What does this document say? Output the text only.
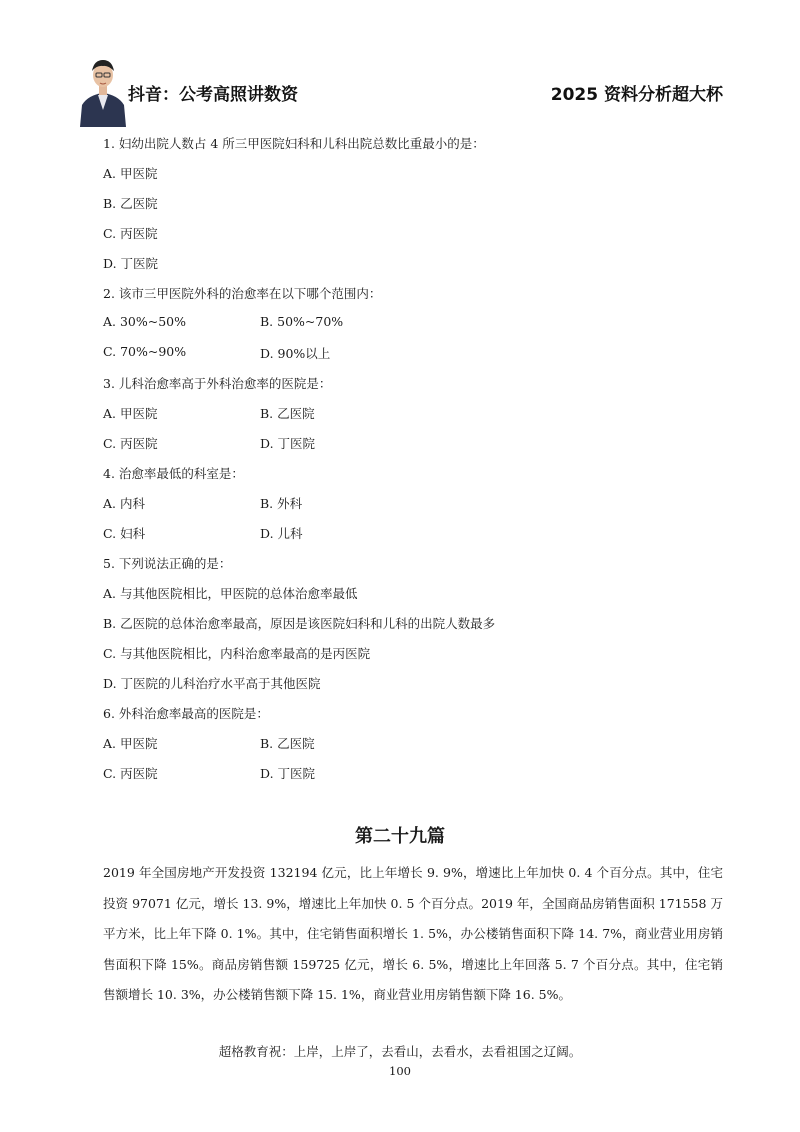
抖音：公考高照讲数资	2025 资料分析超大杯
1. 妇幼出院人数占 4 所三甲医院妇科和儿科出院总数比重最小的是：
A. 甲医院
B. 乙医院
C. 丙医院
D. 丁医院
2. 该市三甲医院外科的治愈率在以下哪个范围内：
A. 30%~50%	B. 50%~70%
C. 70%~90%	D. 90%以上
3. 儿科治愈率高于外科治愈率的医院是：
A. 甲医院	B. 乙医院
C. 丙医院	D. 丁医院
4. 治愈率最低的科室是：
A. 内科	B. 外科
C. 妇科	D. 儿科
5. 下列说法正确的是：
A. 与其他医院相比，甲医院的总体治愈率最低
B. 乙医院的总体治愈率最高，原因是该医院妇科和儿科的出院人数最多
C. 与其他医院相比，内科治愈率最高的是丙医院
D. 丁医院的儿科治疗水平高于其他医院
6. 外科治愈率最高的医院是：
A. 甲医院	B. 乙医院
C. 丙医院	D. 丁医院
第二十九篇

2019 年全国房地产开发投资 132194 亿元，比上年增长 9. 9%，增速比上年加快 0. 4 个百分点。其中，住宅投资 97071 亿元，增长 13. 9%，增速比上年加快 0. 5 个百分点。2019 年，全国商品房销售面积 171558 万平方米，比上年下降 0. 1%。其中，住宅销售面积增长 1. 5%，办公楼销售面积下降 14. 7%，商业营业用房销售面积下降 15%。商品房销售额 159725 亿元，增长 6. 5%，增速比上年回落 5. 7 个百分点。其中，住宅销售额增长 10. 3%，办公楼销售额下降 15. 1%，商业营业用房销售额下降 16. 5%。

超格教育祝：上岸，上岸了，去看山，去看水，去看祖国之辽阔。
100
